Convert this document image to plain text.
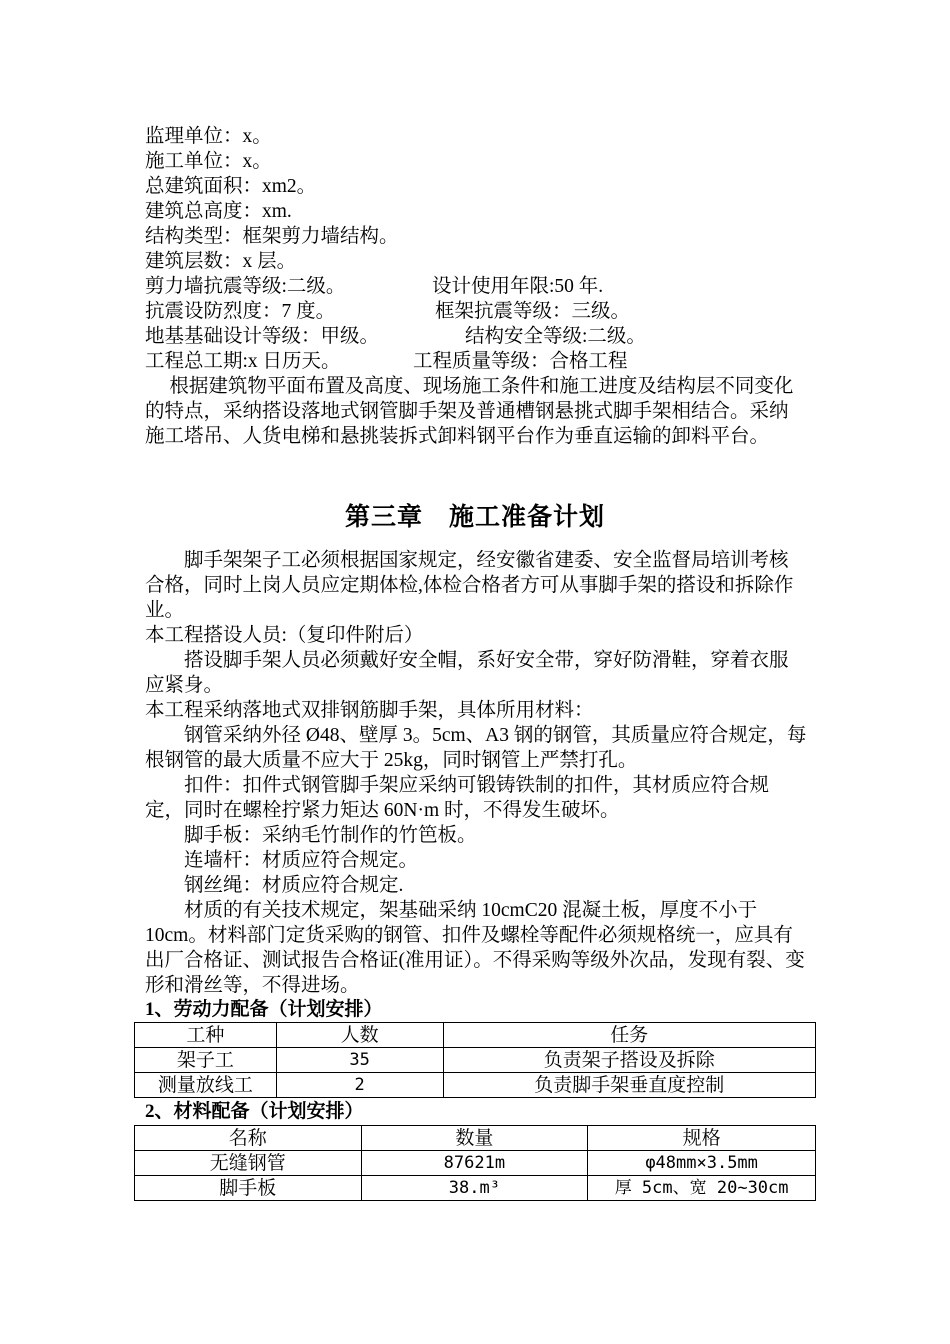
监理单位：x。
施工单位：x。
总建筑面积：xm2。
建筑总高度：xm.
结构类型：框架剪力墙结构。
建筑层数：x 层。
剪力墙抗震等级:二级。	设计使用年限:50 年.
抗震设防烈度：7 度。	框架抗震等级：三级。
地基基础设计等级：甲级。	结构安全等级:二级。
工程总工期:x 日历天。	工程质量等级：合格工程
根据建筑物平面布置及高度、现场施工条件和施工进度及结构层不同变化的特点，采纳搭设落地式钢管脚手架及普通槽钢悬挑式脚手架相结合。采纳施工塔吊、人货电梯和悬挑装拆式卸料钢平台作为垂直运输的卸料平台。
第三章　施工准备计划
脚手架架子工必须根据国家规定，经安徽省建委、安全监督局培训考核合格，同时上岗人员应定期体检,体检合格者方可从事脚手架的搭设和拆除作业。
本工程搭设人员:（复印件附后）
搭设脚手架人员必须戴好安全帽，系好安全带，穿好防滑鞋，穿着衣服应紧身。
本工程采纳落地式双排钢筋脚手架，具体所用材料：
钢管采纳外径 Ø48、壁厚 3。5cm、A3 钢的钢管，其质量应符合规定，每根钢管的最大质量不应大于 25kg，同时钢管上严禁打孔。
扣件：扣件式钢管脚手架应采纳可锻铸铁制的扣件，其材质应符合规定，同时在螺栓拧紧力矩达 60N·m 时，不得发生破坏。
脚手板：采纳毛竹制作的竹笆板。
连墙杆：材质应符合规定。
钢丝绳：材质应符合规定.
材质的有关技术规定，架基础采纳 10cmC20 混凝土板，厚度不小于 10cm。材料部门定货采购的钢管、扣件及螺栓等配件必须规格统一，应具有出厂合格证、测试报告合格证(准用证）。不得采购等级外次品，发现有裂、变形和滑丝等，不得进场。
1、劳动力配备（计划安排）
工种	人数	任务
架子工	35	负责架子搭设及拆除
测量放线工	2	负责脚手架垂直度控制
2、材料配备（计划安排）
名称	数量	规格
无缝钢管	87621m	φ48mm×3.5mm
脚手板	38.m³	厚 5cm、宽 20~30cm
